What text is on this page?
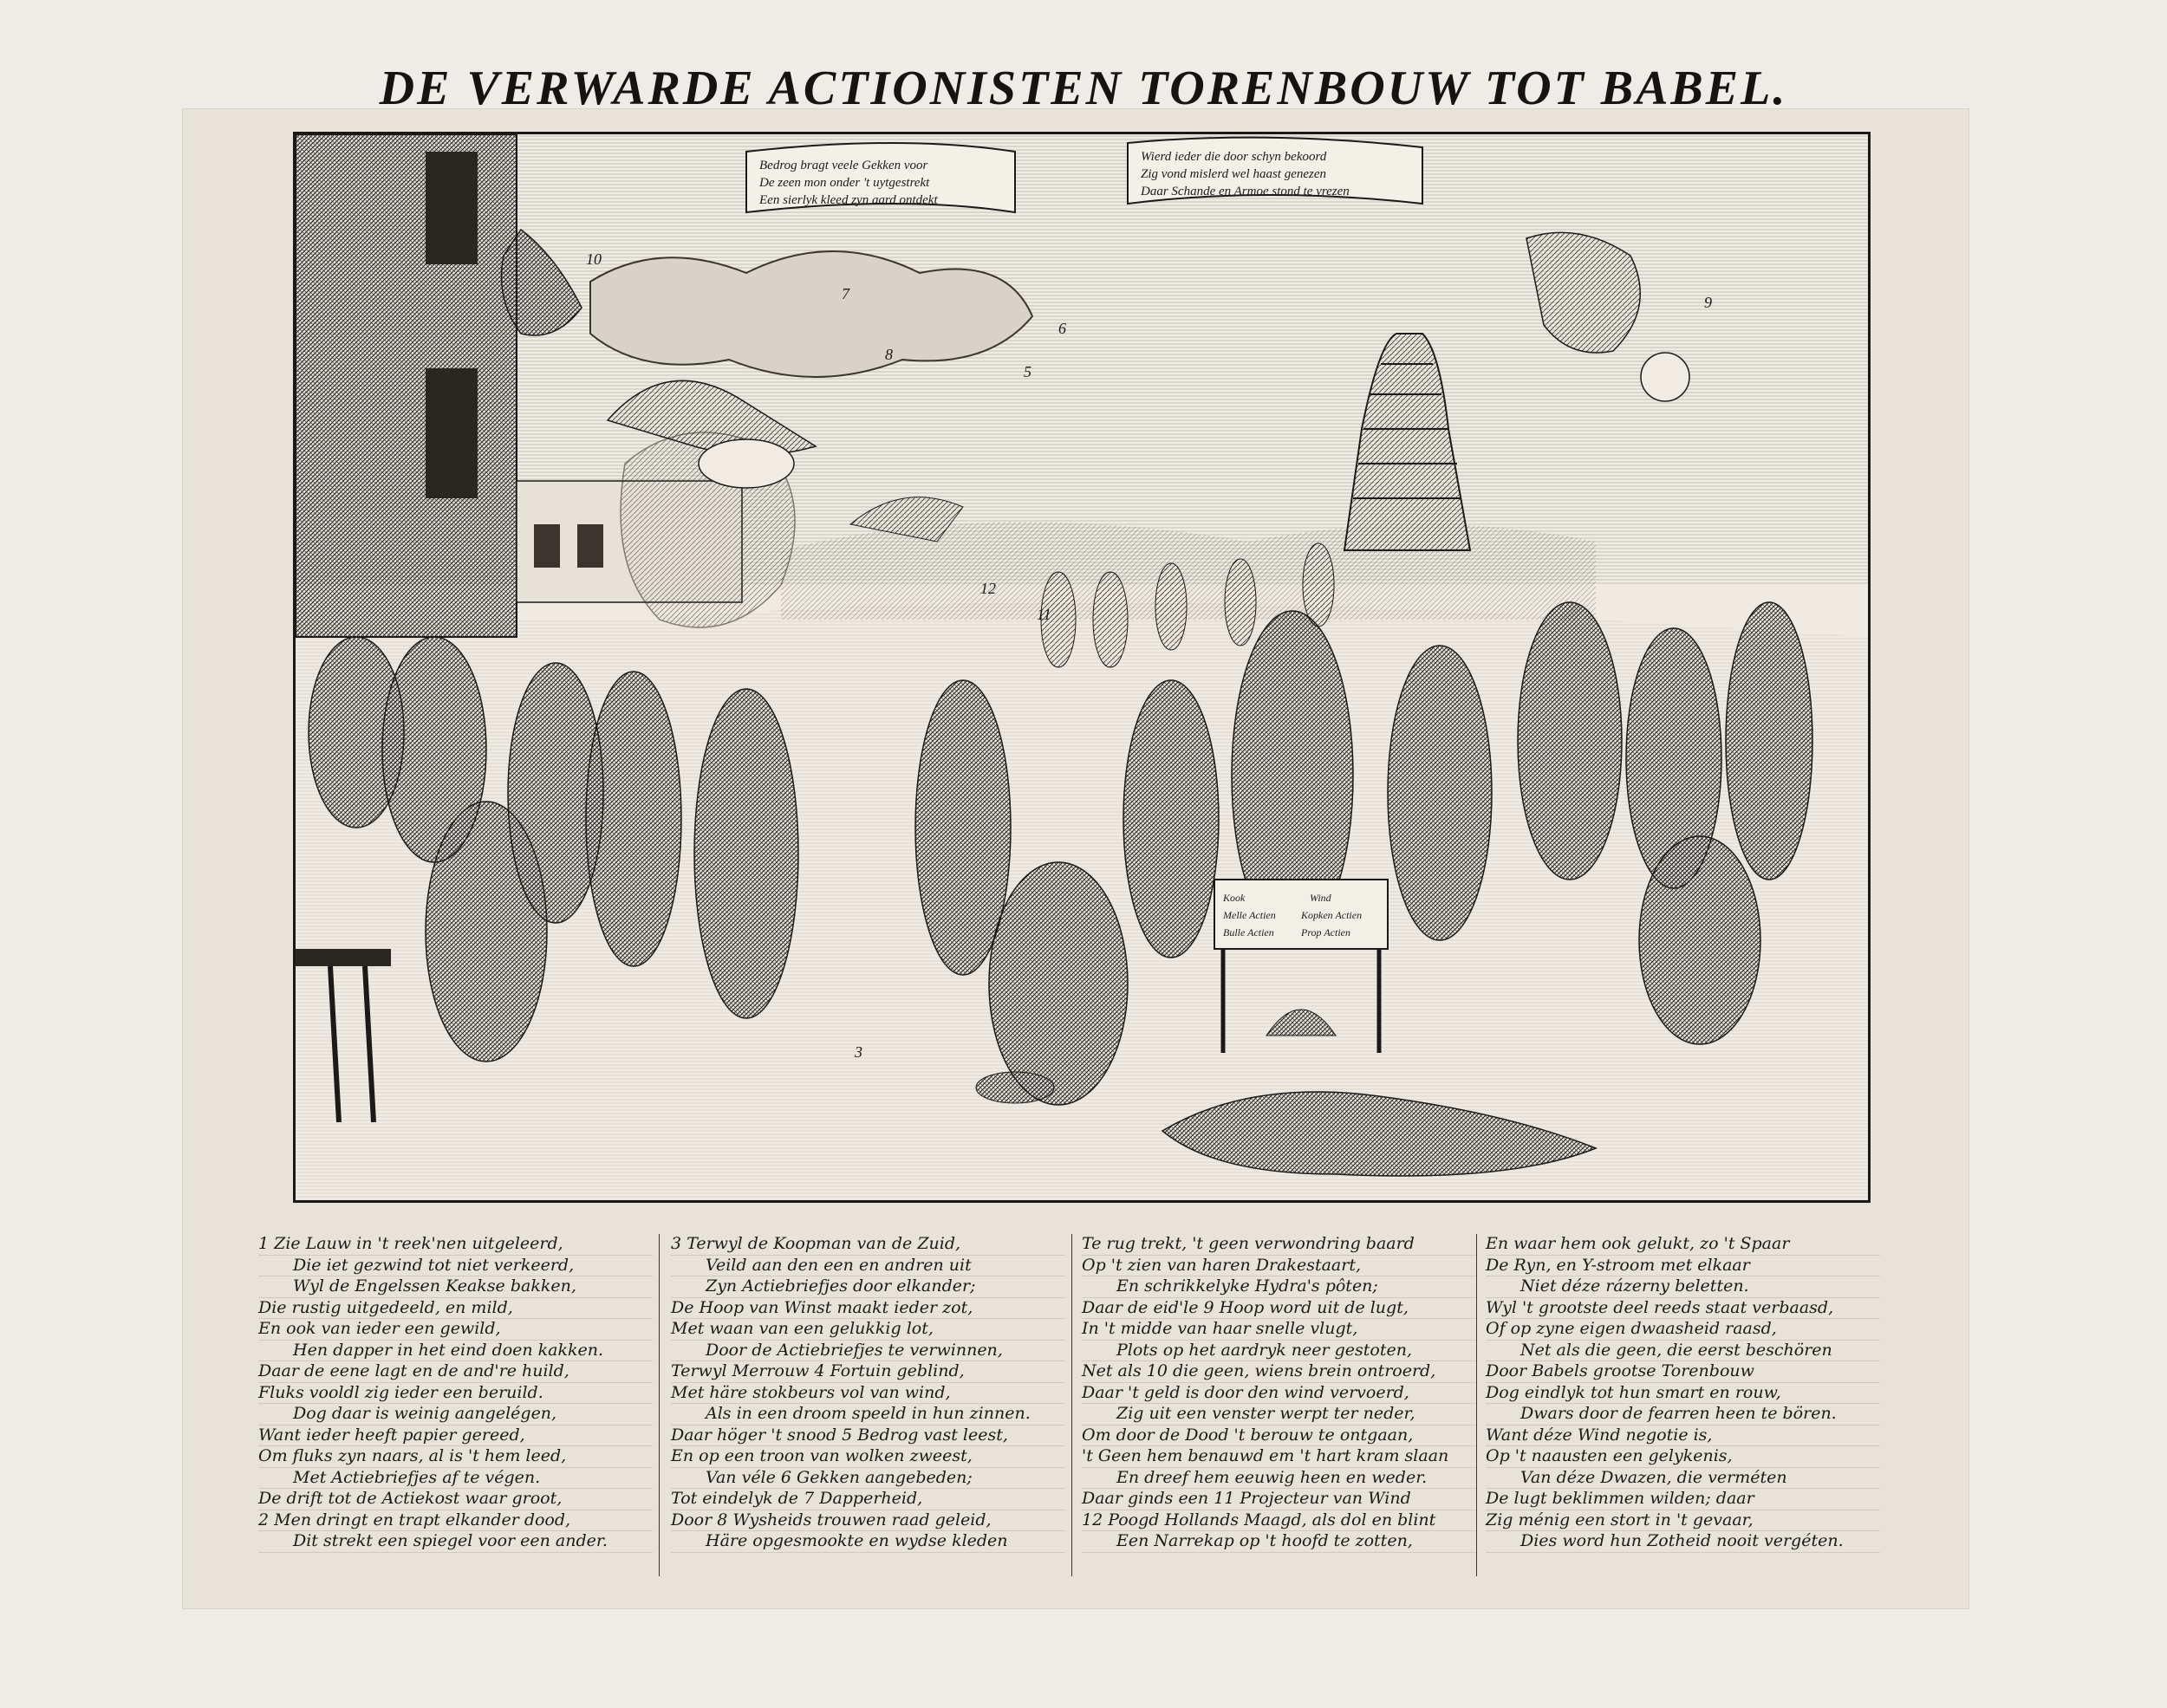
DE VERWARDE ACTIONISTEN TORENBOUW TOT BABEL.
Bedrog bragt veele Gekken voor
De zeen mon onder 't uytgestrekt
Een sierlyk kleed zyn aard ontdekt
Wierd ieder die door schyn bekoord
Zig vond mislerd wel haast genezen
Daar Schande en Armoe stond te vrezen
Kook	Wind
Melle Actien Kopken Actien
Bulle Actien	Prop Actien
3
12
11
9
10
7
8
6
5
1 Zie Lauw in 't reek'nen uitgeleerd,
Die iet gezwind tot niet verkeerd,
Wyl de Engelssen Keakse bakken,
Die rustig uitgedeeld, en mild,
En ook van ieder een gewild,
Hen dapper in het eind doen kakken.
Daar de eene lagt en de and're huild,
Fluks vooldl zig ieder een beruild.
Dog daar is weinig aangelégen,
Want ieder heeft papier gereed,
Om fluks zyn naars, al is 't hem leed,
Met Actiebriefjes af te végen.
De drift tot de Actiekost waar groot,
2 Men dringt en trapt elkander dood,
Dit strekt een spiegel voor een ander.
3 Terwyl de Koopman van de Zuid,
Veild aan den een en andren uit
Zyn Actiebriefjes door elkander;
De Hoop van Winst maakt ieder zot,
Met waan van een gelukkig lot,
Door de Actiebriefjes te verwinnen,
Terwyl Merrouw 4 Fortuin geblind,
Met häre stokbeurs vol van wind,
Als in een droom speeld in hun zinnen.
Daar höger 't snood 5 Bedrog vast leest,
En op een troon van wolken zweest,
Van véle 6 Gekken aangebeden;
Tot eindelyk de 7 Dapperheid,
Door 8 Wysheids trouwen raad geleid,
Häre opgesmookte en wydse kleden
Te rug trekt, 't geen verwondring baard
Op 't zien van haren Drakestaart,
En schrikkelyke Hydra's pôten;
Daar de eid'le 9 Hoop word uit de lugt,
In 't midde van haar snelle vlugt,
Plots op het aardryk neer gestoten,
Net als 10 die geen, wiens brein ontroerd,
Daar 't geld is door den wind vervoerd,
Zig uit een venster werpt ter neder,
Om door de Dood 't berouw te ontgaan,
't Geen hem benauwd em 't hart kram slaan
En dreef hem eeuwig heen en weder.
Daar ginds een 11 Projecteur van Wind
12 Poogd Hollands Maagd, als dol en blint
Een Narrekap op 't hoofd te zotten,
En waar hem ook gelukt, zo 't Spaar
De Ryn, en Y-stroom met elkaar
Niet déze rázerny beletten.
Wyl 't grootste deel reeds staat verbaasd,
Of op zyne eigen dwaasheid raasd,
Net als die geen, die eerst beschören
Door Babels grootse Torenbouw
Dog eindlyk tot hun smart en rouw,
Dwars door de fearren heen te bören.
Want déze Wind negotie is,
Op 't naausten een gelykenis,
Van déze Dwazen, die verméten
De lugt beklimmen wilden; daar
Zig ménig een stort in 't gevaar,
Dies word hun Zotheid nooit vergéten.
